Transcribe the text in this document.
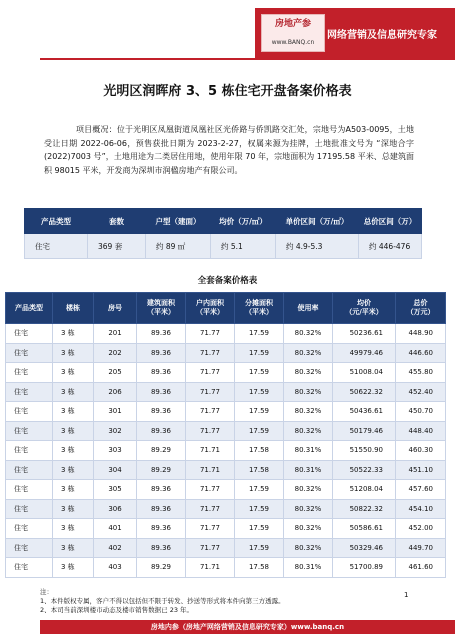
房地产参
www.BANQ.cn
网络营销及信息研究专家
光明区润晖府 3、5 栋住宅开盘备案价格表
项目概况：位于光明区凤凰街道凤凰社区光侨路与侨凯路交汇处，宗地号为A503-0095，土地受让日期 2022-06-06，预售获批日期为 2023-2-27，权属来源为挂牌，土地批准文号为 “深地合字(2022)7003 号”，土地用途为二类居住用地，使用年限 70 年，宗地面积为 17195.58 平米、总建筑面积 98015 平米，开发商为深圳市润楹房地产有限公司。
产品类型	套数	户型（建面）	均价（万/㎡）	单价区间（万/㎡）	总价区间（万）
住宅	369 套	约 89 ㎡	约 5.1	约 4.9-5.3	约 446-476
全套备案价格表
产品类型	楼栋	房号	建筑面积
（平米）	户内面积
（平米）	分摊面积
（平米）	使用率	均价
（元/平米）	总价
（万元）
住宅	3 栋	201	89.36	71.77	17.59	80.32%	50236.61	448.90
住宅	3 栋	202	89.36	71.77	17.59	80.32%	49979.46	446.60
住宅	3 栋	205	89.36	71.77	17.59	80.32%	51008.04	455.80
住宅	3 栋	206	89.36	71.77	17.59	80.32%	50622.32	452.40
住宅	3 栋	301	89.36	71.77	17.59	80.32%	50436.61	450.70
住宅	3 栋	302	89.36	71.77	17.59	80.32%	50179.46	448.40
住宅	3 栋	303	89.29	71.71	17.58	80.31%	51550.90	460.30
住宅	3 栋	304	89.29	71.71	17.58	80.31%	50522.33	451.10
住宅	3 栋	305	89.36	71.77	17.59	80.32%	51208.04	457.60
住宅	3 栋	306	89.36	71.77	17.59	80.32%	50822.32	454.10
住宅	3 栋	401	89.36	71.77	17.59	80.32%	50586.61	452.00
住宅	3 栋	402	89.36	71.77	17.59	80.32%	50329.46	449.70
住宅	3 栋	403	89.29	71.71	17.58	80.31%	51700.89	461.60
注：
1、本件版权专属，客户不得以包括但不限于转发、抄送等形式将本件向第三方透露。
2、本司当前深圳楼市动态及楼市销售数据已 23 年。
1
房地内参（房地产网络营销及信息研究专家）www.banq.cn
